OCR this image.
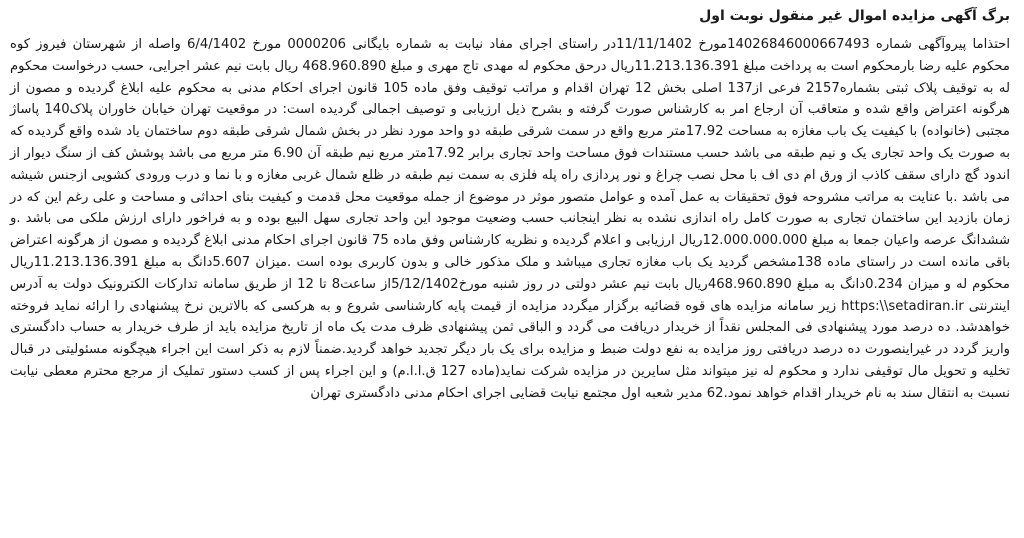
برگ آگهی مزایده اموال غیر منقول نوبت اول

احتذاما پیروآگهی شماره 14026846000667493مورخ 11/11/1402در راستای اجرای مفاد نیابت به شماره بایگانی 0000206 مورخ 6/4/1402 واصله از شهرستان فیروز کوه محکوم علیه رضا بارمحکوم است به پرداخت مبلغ 11.213.136.391ریال درحق محکوم له مهدی تاج مهری و مبلغ 468.960.890 ریال بابت نیم عشر اجرایی، حسب درخواست محکوم له به توقیف پلاک ثبتی بشماره2157 فرعی از137 اصلی بخش 12 تهران اقدام و مراتب توقیف وفق ماده 105 قانون اجرای احکام مدنی به محکوم علیه ابلاغ گردیده و مصون از هرگونه اعتراض واقع شده و متعاقب آن ارجاع امر به کارشناس صورت گرفته و بشرح ذیل ارزیابی و توصیف اجمالی گردیده است: در موقعیت تهران خیابان خاوران پلاک140 پاساژ مجتبی (خانواده) با کیفیت یک باب مغازه به مساحت 17.92متر مربع واقع در سمت شرقی طبقه دو واحد مورد نظر در بخش شمال شرقی طبقه دوم ساختمان یاد شده واقع گردیده که به صورت یک واحد تجاری یک و نیم طبقه می باشد حسب مستندات فوق مساحت واحد تجاری برابر 17.92متر مربع نیم طبقه آن 6.90 متر مربع می باشد پوشش کف از سنگ دیوار از اندود گچ دارای سقف کاذب از ورق ام دی اف با محل نصب چراغ و نور پردازی راه پله فلزی به سمت نیم طبقه در ظلع شمال غربی مغازه و با نما و درب ورودی کشویی ازجنس شیشه می باشد .با عنایت به مراتب مشروحه فوق تحقیقات به عمل آمده و عوامل متصور موثر در موضوع از جمله موقعیت محل قدمت و کیفیت بنای احداثی و مساحت و علی رغم این که در زمان بازدید این ساختمان تجاری به صورت کامل راه اندازی نشده به نظر اینجانب حسب وضعیت موجود این واحد تجاری سهل البیع بوده و به فراخور دارای ارزش ملکی می باشد .و ششدانگ عرصه واعیان جمعا به مبلغ 12.000.000.000ریال ارزیابی و اعلام گردیده و نظریه کارشناس وفق ماده 75 قانون اجرای احکام مدنی ابلاغ گردیده و مصون از هرگونه اعتراض باقی مانده است در راستای ماده 138مشخص گردید یک باب مغازه تجاری میباشد و ملک مذکور خالی و بدون کاربری بوده است .میزان 5.607دانگ به مبلغ 11.213.136.391ریال محکوم له و میزان 0.234دانگ به مبلغ 468.960.890ریال بابت نیم عشر دولتی در روز شنبه مورخ5/12/1402از ساعت8 تا 12 از طریق سامانه تدارکات الکترونیک دولت به آدرس اینترنتی https:\\setadiran.ir زیر سامانه مزایده های قوه قضائیه برگزار میگردد مزایده از قیمت پایه کارشناسی شروع و به هرکسی که بالاترین نرخ پیشنهادی را ارائه نماید فروخته خواهدشد. ده درصد مورد پیشنهادی فی المجلس نقداً از خریدار دریافت می گردد و الباقی ثمن پیشنهادی ظرف مدت یک ماه از تاریخ مزایده باید از طرف خریدار به حساب دادگستری واریز گردد در غیراینصورت ده درصد دریافتی روز مزایده به نفع دولت ضبط و مزایده برای یک بار دیگر تجدید خواهد گردید.ضمناً لازم به ذکر است این اجراء هیچگونه مسئولیتی در قبال تخلیه و تحویل مال توقیفی ندارد و محکوم له نیز میتواند مثل سایرین در مزایده شرکت نماید(ماده 127 ق.ا.ا.م) و این اجراء پس از کسب دستور تملیک از مرجع محترم معطی نیابت نسبت به انتقال سند به نام خریدار اقدام خواهد نمود.62 مدیر شعبه اول مجتمع نیابت قضایی اجرای احکام مدنی دادگستری تهران
